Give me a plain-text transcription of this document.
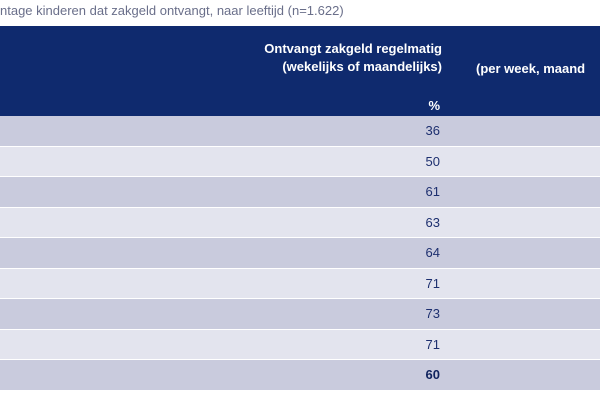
ntage kinderen dat zakgeld ontvangt, naar leeftijd (n=1.622)
Ontvangt zakgeld regelmatig
(wekelijks of maandelijks)	(per week, maand
%
36
50
61
63
64
71
73
71
60
